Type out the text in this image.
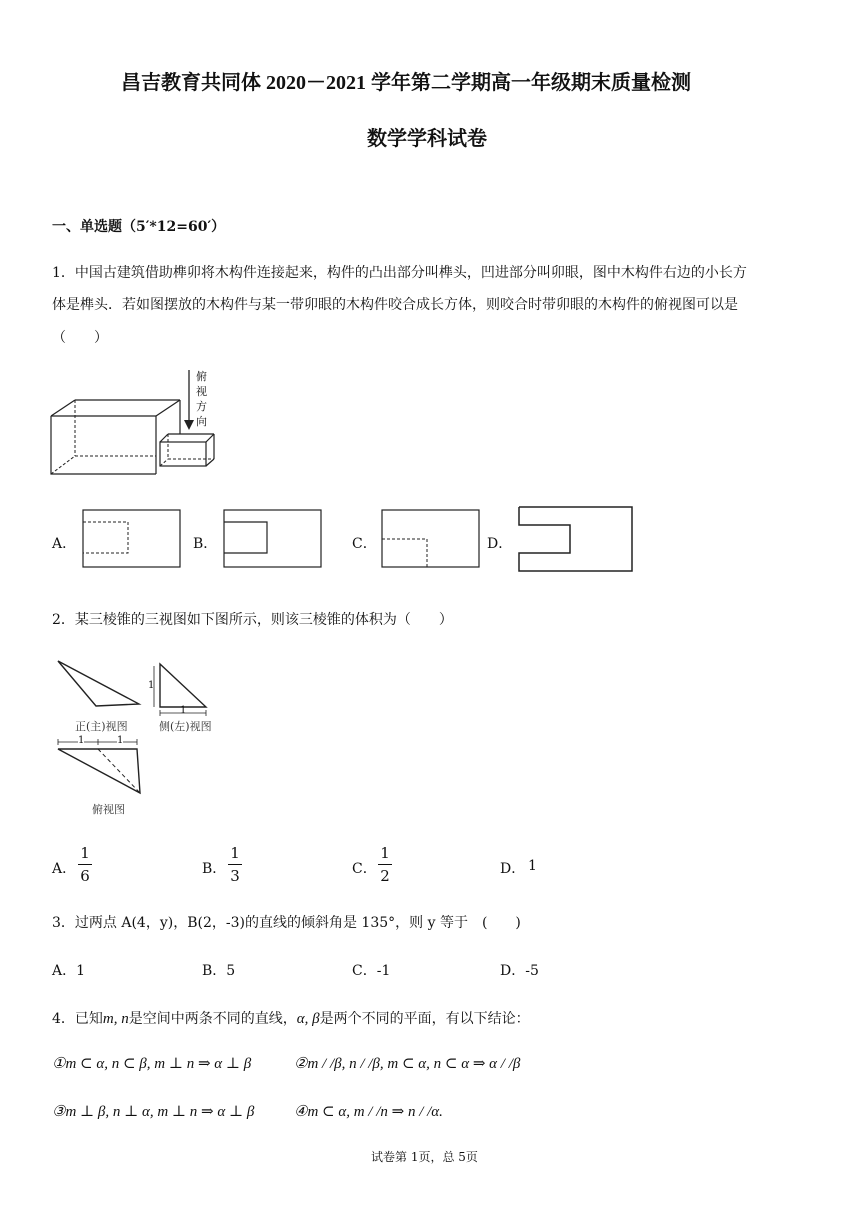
昌吉教育共同体 2020－2021 学年第二学期高一年级期末质量检测
数学学科试卷
一、单选题（5′*12=60′）
1．中国古建筑借助榫卯将木构件连接起来，构件的凸出部分叫榫头，凹进部分叫卯眼，图中木构件右边的小长方
体是榫头．若如图摆放的木构件与某一带卯眼的木构件咬合成长方体，则咬合时带卯眼的木构件的俯视图可以是
（　　）
俯
视
方
向
A．	B．	C．	D．
2．某三棱锥的三视图如下图所示，则该三棱锥的体积为（　　）
正(主)视图
1
1
侧(左)视图
1	1
俯视图
A．
1
6	B．
1
3	C．
1
2	D． 1
3．过两点 A(4，y)，B(2，-3)的直线的倾斜角是 135°，则 y 等于　(　　)
A．1	B．5	C．-1	D．-5
4．已知m, n是空间中两条不同的直线，α, β是两个不同的平面，有以下结论：
①m ⊂ α, n ⊂ β, m ⊥ n ⇒ α ⊥ β	②m / /β, n / /β, m ⊂ α, n ⊂ α ⇒ α / /β
③m ⊥ β, n ⊥ α, m ⊥ n ⇒ α ⊥ β	④m ⊂ α, m / /n ⇒ n / /α.
试卷第 1页，总 5页
